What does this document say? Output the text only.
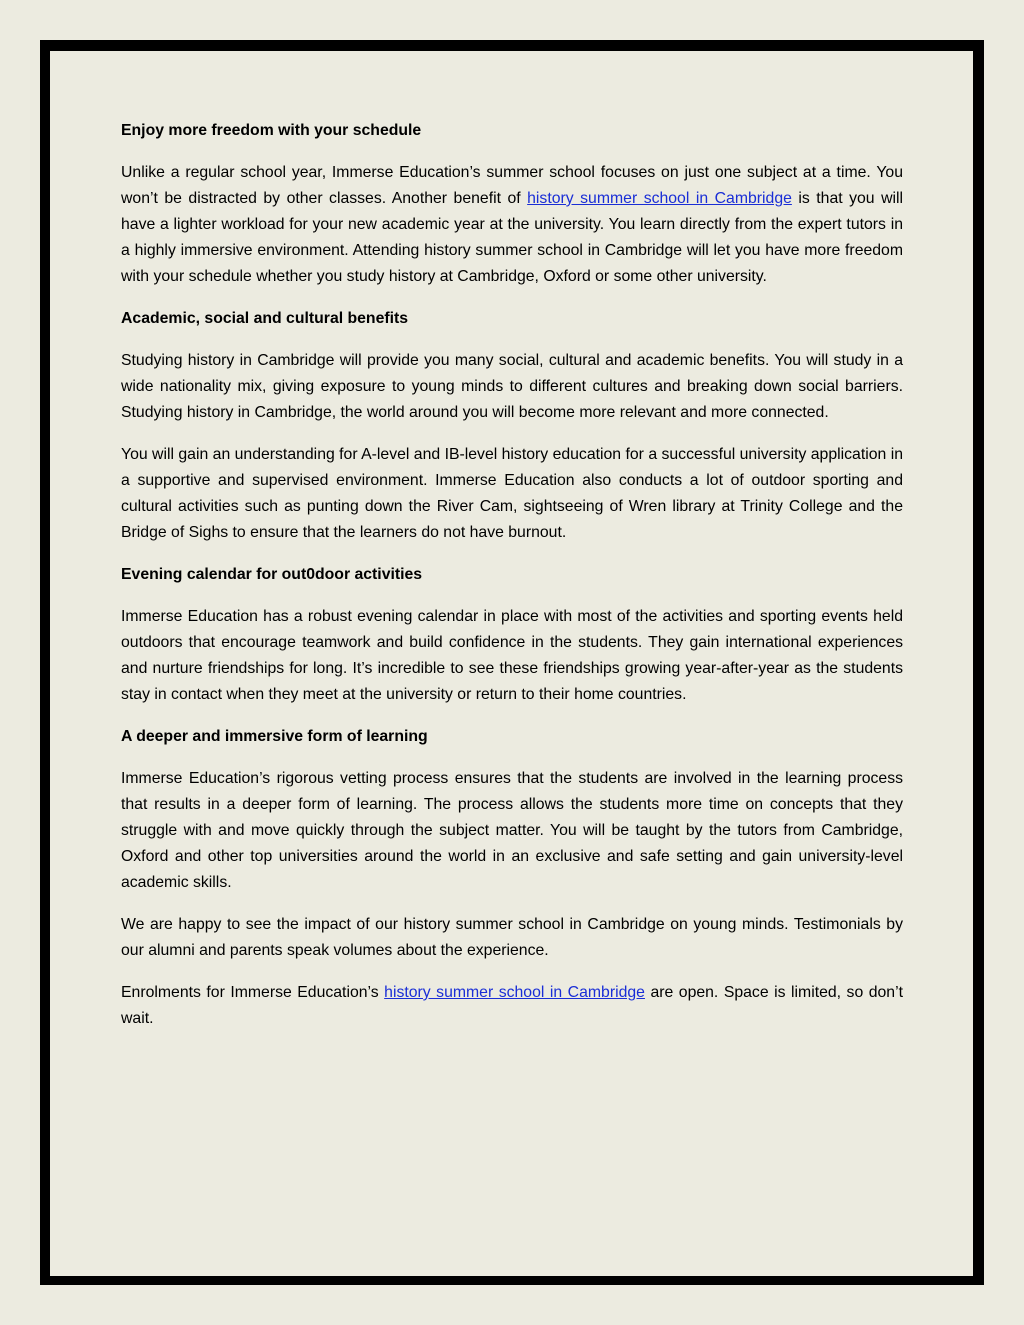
Enjoy more freedom with your schedule
Unlike a regular school year, Immerse Education’s summer school focuses on just one subject at a time. You won’t be distracted by other classes. Another benefit of history summer school in Cambridge is that you will have a lighter workload for your new academic year at the university. You learn directly from the expert tutors in a highly immersive environment. Attending history summer school in Cambridge will let you have more freedom with your schedule whether you study history at Cambridge, Oxford or some other university.
Academic, social and cultural benefits
Studying history in Cambridge will provide you many social, cultural and academic benefits. You will study in a wide nationality mix, giving exposure to young minds to different cultures and breaking down social barriers. Studying history in Cambridge, the world around you will become more relevant and more connected.
You will gain an understanding for A-level and IB-level history education for a successful university application in a supportive and supervised environment. Immerse Education also conducts a lot of outdoor sporting and cultural activities such as punting down the River Cam, sightseeing of Wren library at Trinity College and the Bridge of Sighs to ensure that the learners do not have burnout.
Evening calendar for out0door activities
Immerse Education has a robust evening calendar in place with most of the activities and sporting events held outdoors that encourage teamwork and build confidence in the students. They gain international experiences and nurture friendships for long. It’s incredible to see these friendships growing year-after-year as the students stay in contact when they meet at the university or return to their home countries.
A deeper and immersive form of learning
Immerse Education’s rigorous vetting process ensures that the students are involved in the learning process that results in a deeper form of learning. The process allows the students more time on concepts that they struggle with and move quickly through the subject matter. You will be taught by the tutors from Cambridge, Oxford and other top universities around the world in an exclusive and safe setting and gain university-level academic skills.
We are happy to see the impact of our history summer school in Cambridge on young minds. Testimonials by our alumni and parents speak volumes about the experience.
Enrolments for Immerse Education’s history summer school in Cambridge are open. Space is limited, so don’t wait.
